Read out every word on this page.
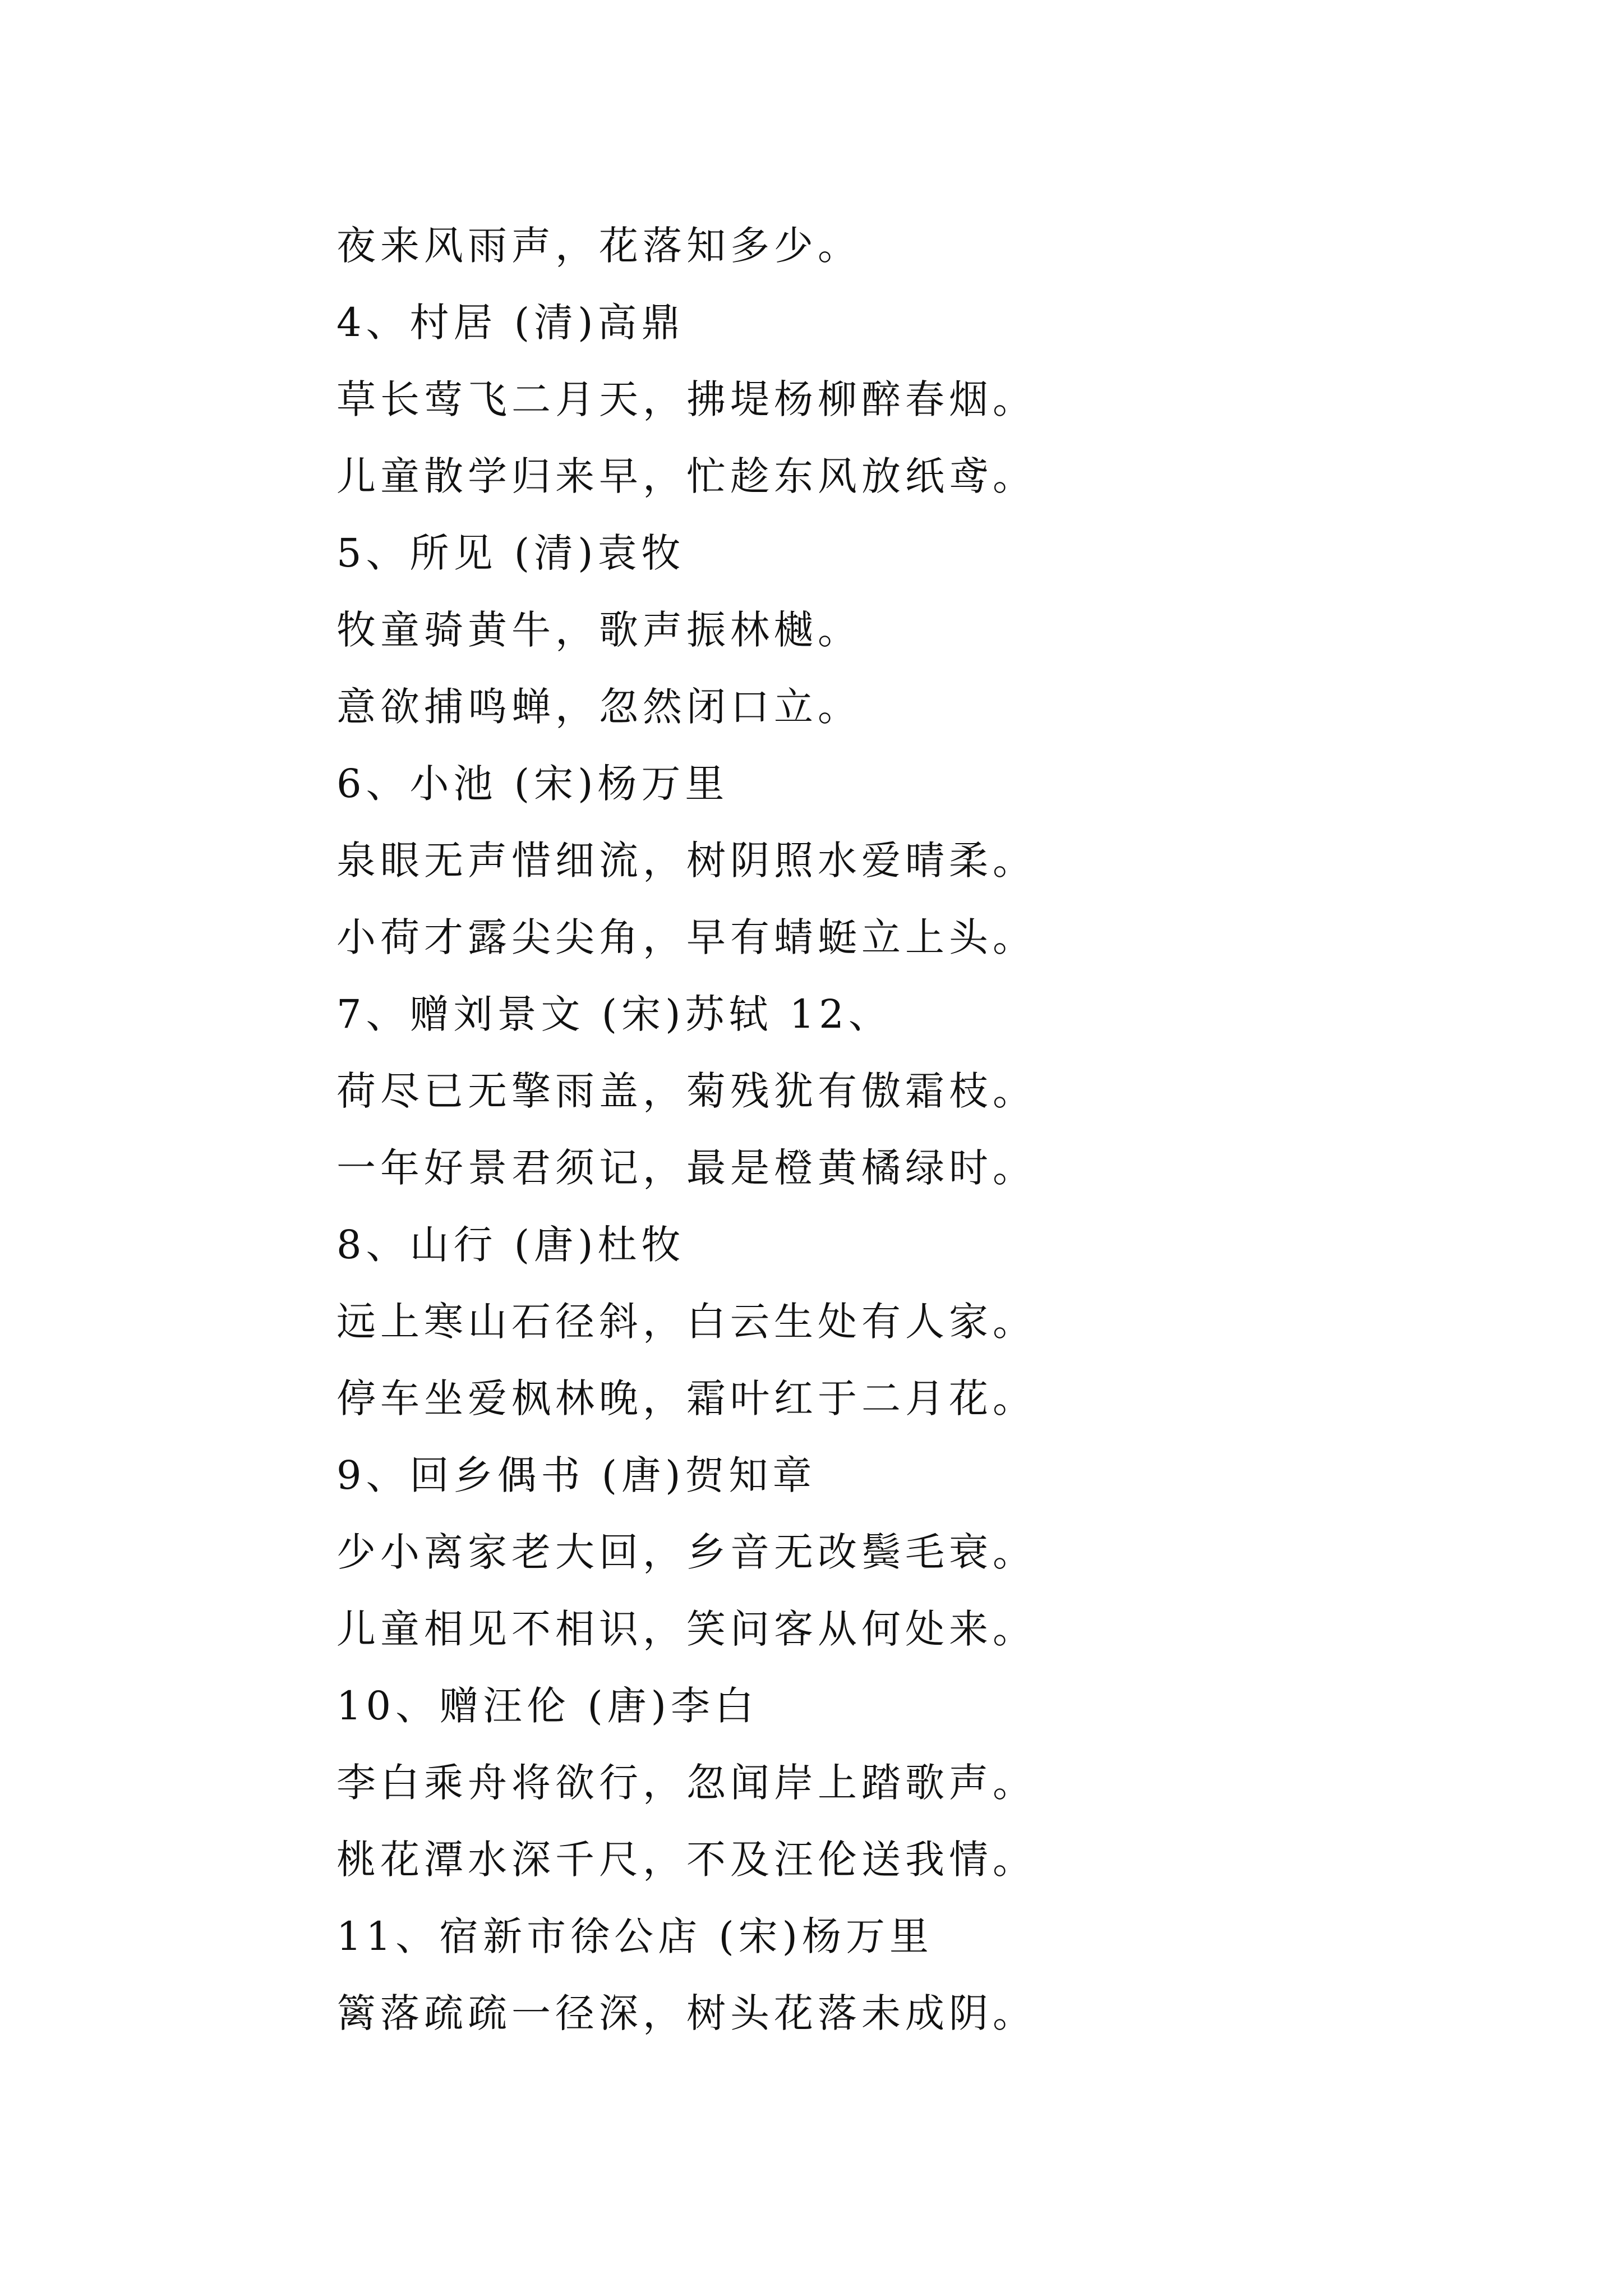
夜来风雨声，花落知多少。
4、村居 (清)高鼎
草长莺飞二月天，拂堤杨柳醉春烟。
儿童散学归来早，忙趁东风放纸鸢。
5、所见 (清)袁牧
牧童骑黄牛，歌声振林樾。
意欲捕鸣蝉，忽然闭口立。
6、小池 (宋)杨万里
泉眼无声惜细流，树阴照水爱晴柔。
小荷才露尖尖角，早有蜻蜓立上头。
7、赠刘景文 (宋)苏轼 12、
荷尽已无擎雨盖，菊残犹有傲霜枝。
一年好景君须记，最是橙黄橘绿时。
8、山行 (唐)杜牧
远上寒山石径斜，白云生处有人家。
停车坐爱枫林晚，霜叶红于二月花。
9、回乡偶书 (唐)贺知章
少小离家老大回，乡音无改鬓毛衰。
儿童相见不相识，笑问客从何处来。
10、赠汪伦 (唐)李白
李白乘舟将欲行，忽闻岸上踏歌声。
桃花潭水深千尺，不及汪伦送我情。
11、宿新市徐公店 (宋)杨万里
篱落疏疏一径深，树头花落未成阴。
